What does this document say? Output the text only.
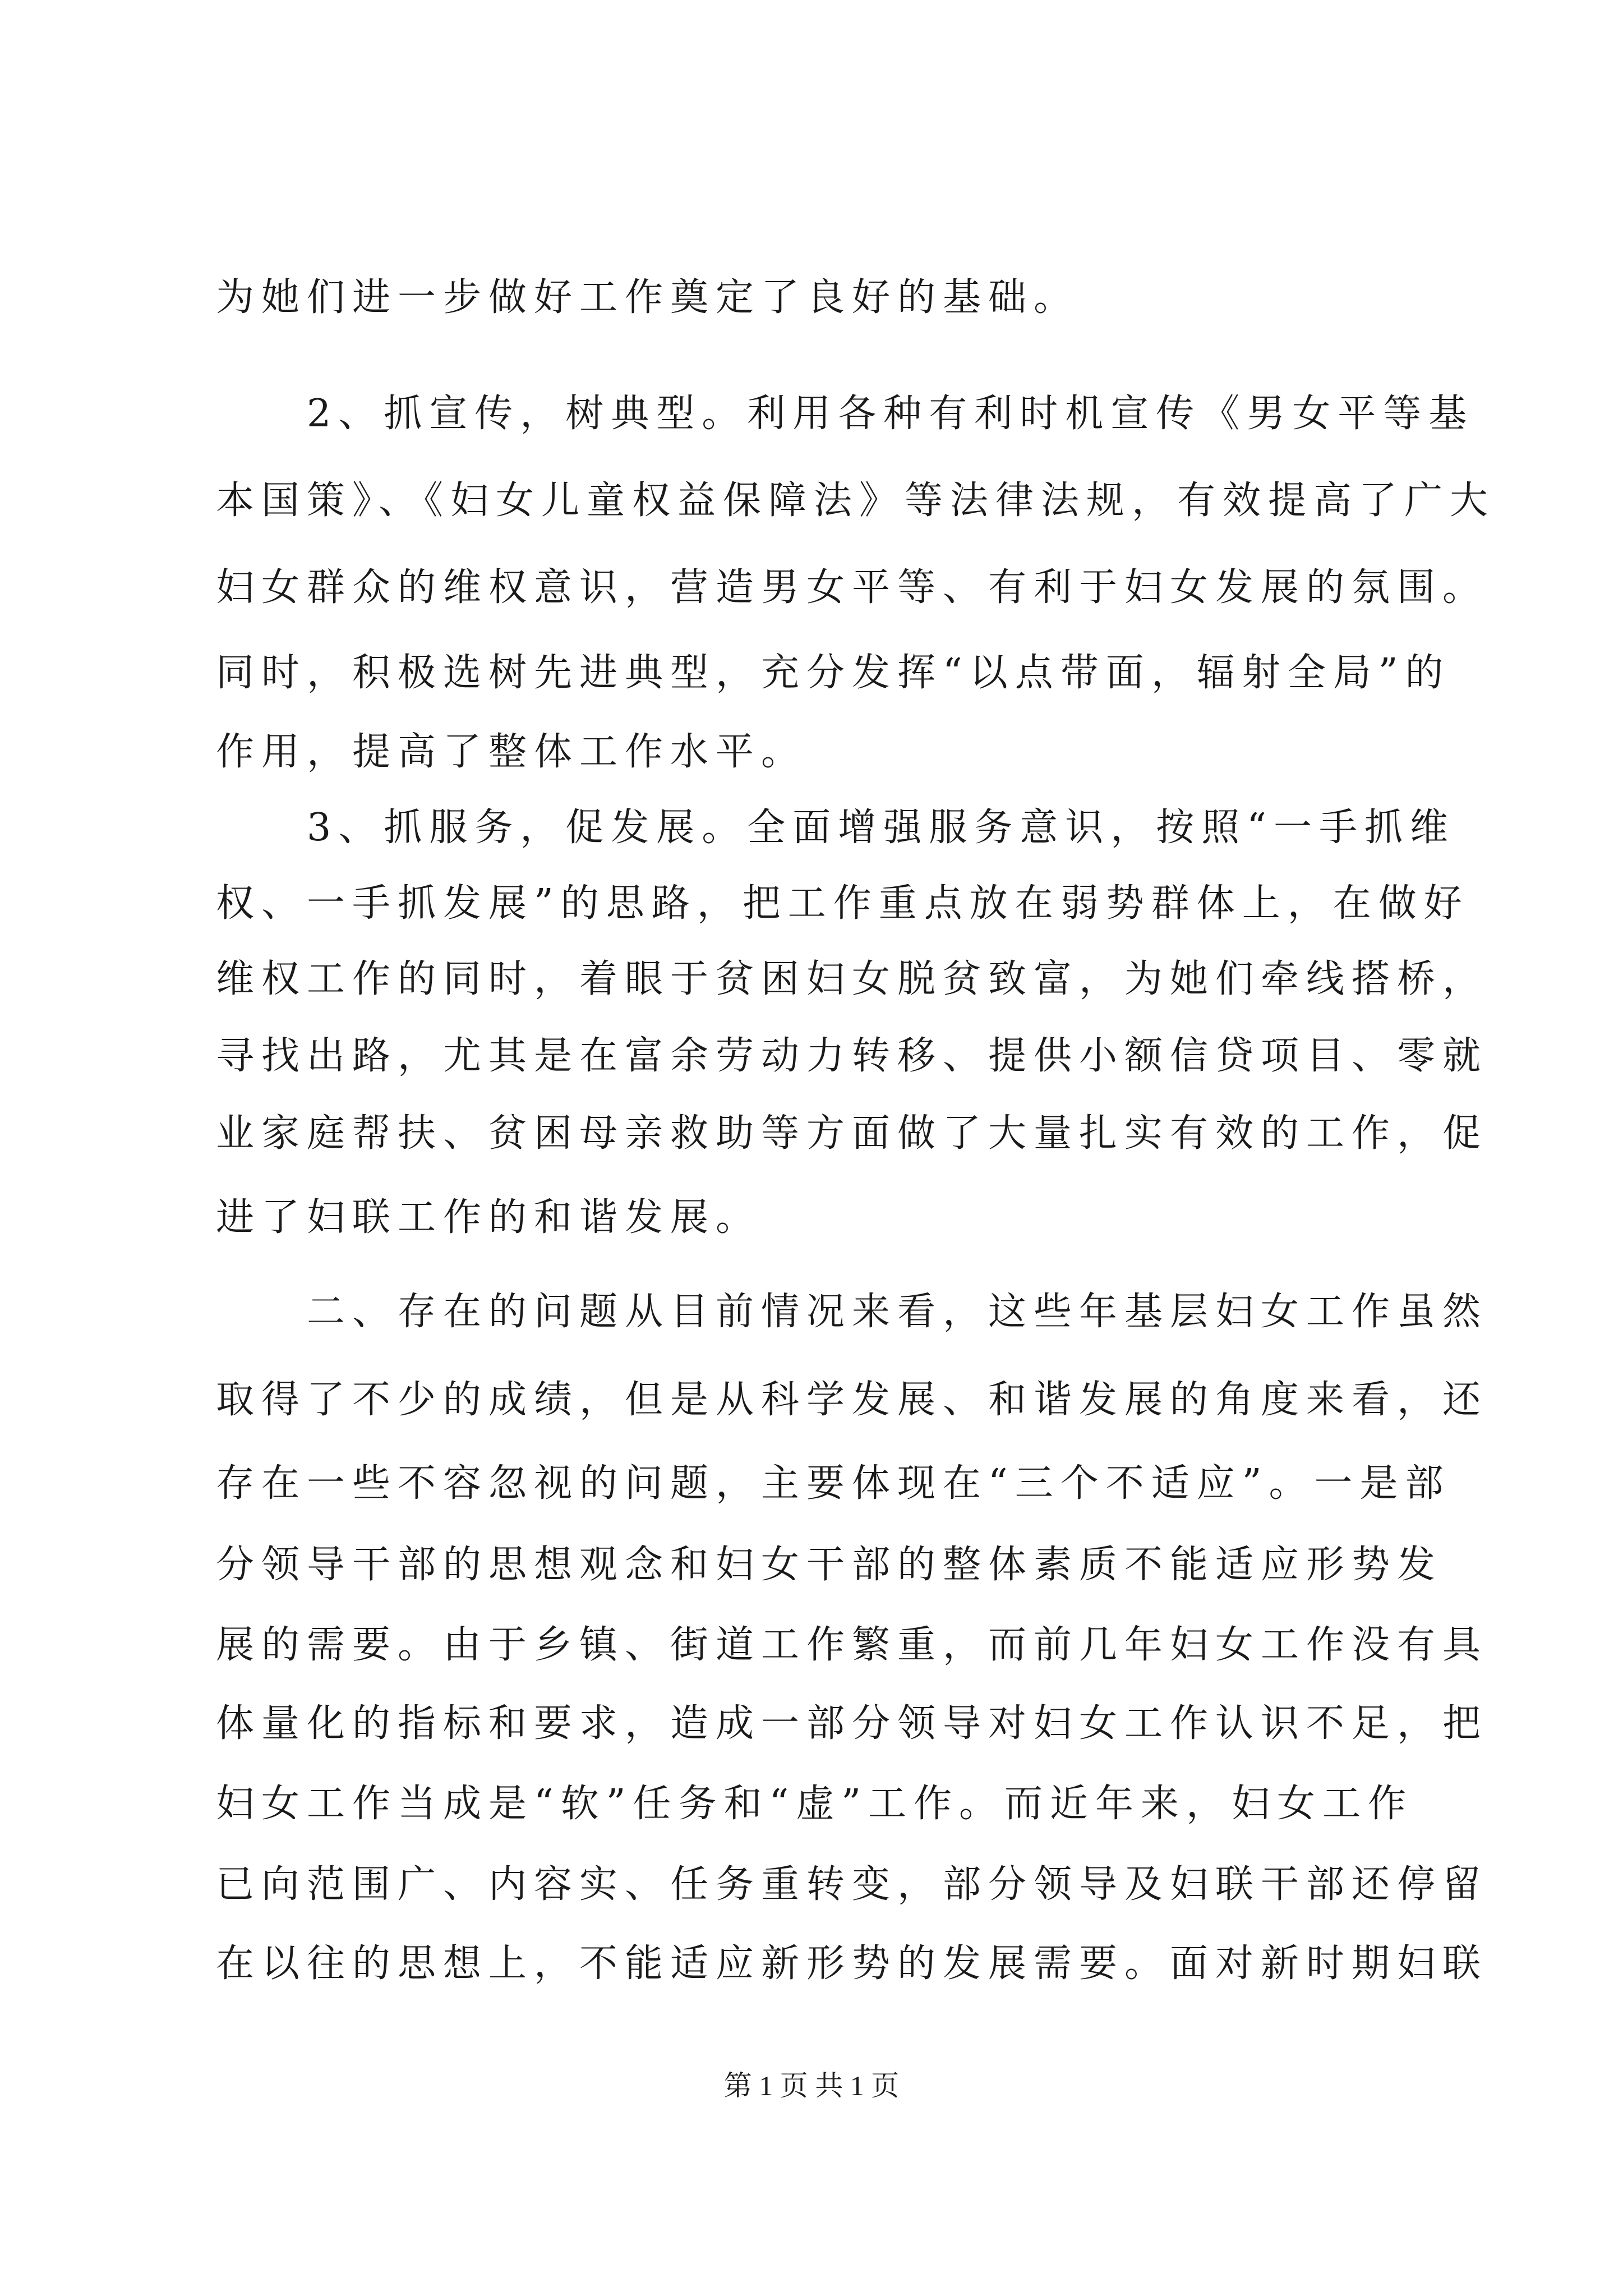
为她们进一步做好工作奠定了良好的基础。
　　2、抓宣传，树典型。利用各种有利时机宣传《男女平等基
本国策》、《妇女儿童权益保障法》等法律法规，有效提高了广大
妇女群众的维权意识，营造男女平等、有利于妇女发展的氛围。
同时，积极选树先进典型，充分发挥“以点带面，辐射全局”的
作用，提高了整体工作水平。
　　3、抓服务，促发展。全面增强服务意识，按照“一手抓维
权、一手抓发展”的思路，把工作重点放在弱势群体上，在做好
维权工作的同时，着眼于贫困妇女脱贫致富，为她们牵线搭桥，
寻找出路，尤其是在富余劳动力转移、提供小额信贷项目、零就
业家庭帮扶、贫困母亲救助等方面做了大量扎实有效的工作，促
进了妇联工作的和谐发展。
　　二、存在的问题从目前情况来看，这些年基层妇女工作虽然
取得了不少的成绩，但是从科学发展、和谐发展的角度来看，还
存在一些不容忽视的问题，主要体现在“三个不适应”。一是部
分领导干部的思想观念和妇女干部的整体素质不能适应形势发
展的需要。由于乡镇、街道工作繁重，而前几年妇女工作没有具
体量化的指标和要求，造成一部分领导对妇女工作认识不足，把
妇女工作当成是“软”任务和“虚”工作。而近年来，妇女工作
已向范围广、内容实、任务重转变，部分领导及妇联干部还停留
在以往的思想上，不能适应新形势的发展需要。面对新时期妇联
第 1 页 共 1 页
